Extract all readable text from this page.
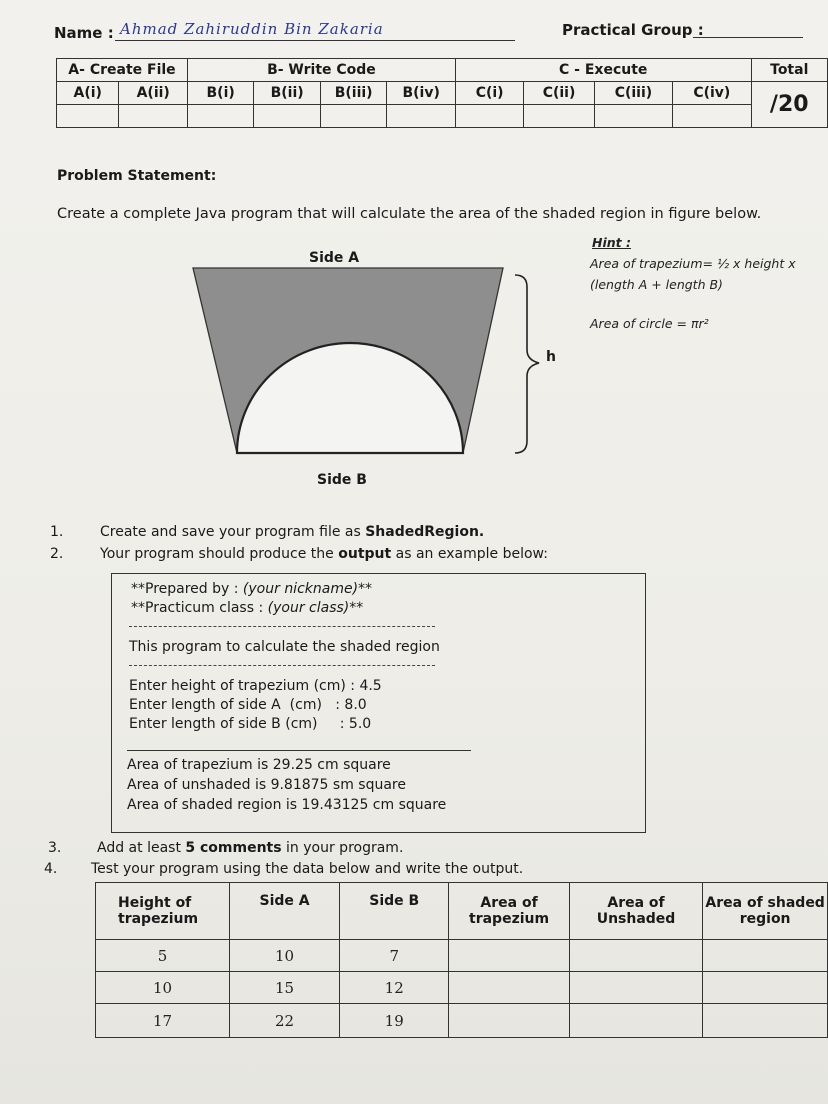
Name : Ahmad Zahiruddin Bin Zakaria	Practical Group :
A- Create File		B- Write Code				C - Execute				Total
A(i)	A(ii)	B(i)	B(ii)	B(iii)	B(iv)	C(i)	C(ii)	C(iii)	C(iv)	/20

Problem Statement:
Create a complete Java program that will calculate the area of the shaded region in figure below.
Side A
h
Side B
Hint :
Area of trapezium= ½ x height x
(length A + length B)
Area of circle = πr²
1.	Create and save your program file as ShadedRegion.
2.	Your program should produce the output as an example below:
**Prepared by : (your nickname)**
**Practicum class : (your class)**
This program to calculate the shaded region
Enter height of trapezium (cm) : 4.5
Enter length of side A  (cm)   : 8.0
Enter length of side B (cm)     : 5.0
Area of trapezium is 29.25 cm square
Area of unshaded is 9.81875 sm square
Area of shaded region is 19.43125 cm square
3.	Add at least 5 comments in your program.
4. Test your program using the data below and write the output.
Height of trapezium	Side A	Side B	Area of trapezium	Area of Unshaded	Area of shaded region
5	10	7			
10	15	12			
17	22	19			
